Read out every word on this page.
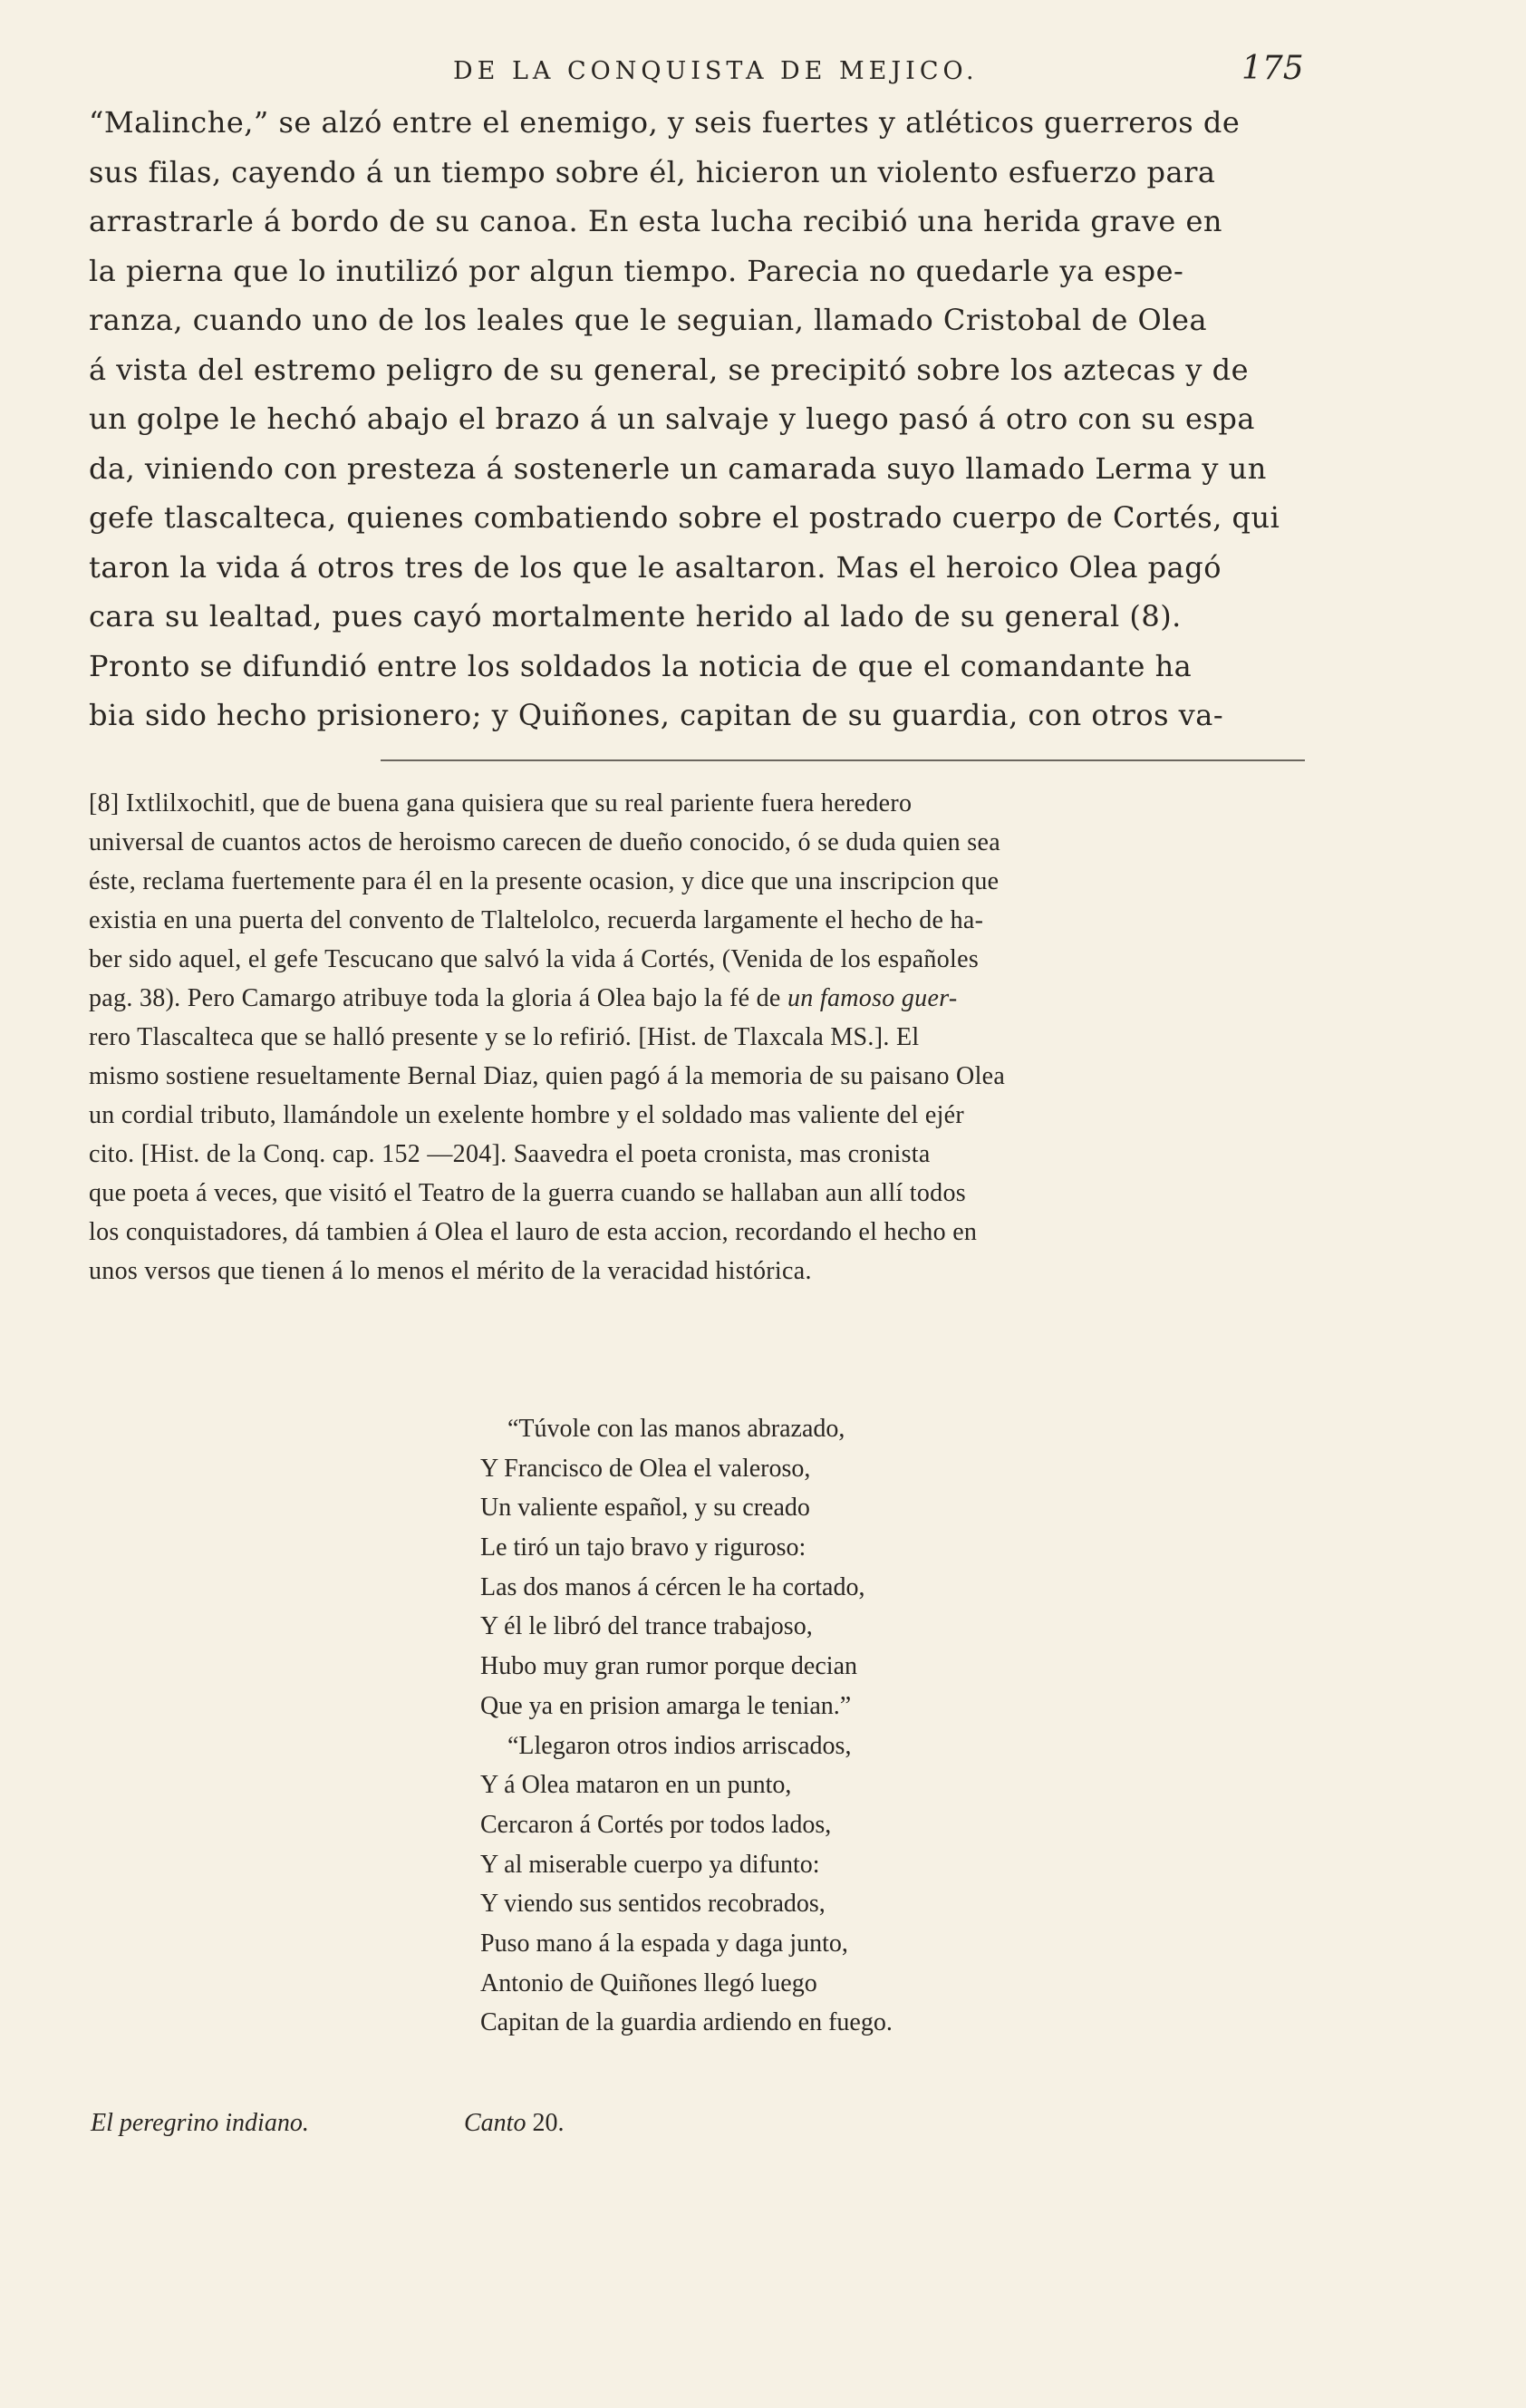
DE LA CONQUISTA DE MEJICO.	175
“Malinche,” se alzó entre el enemigo, y seis fuertes y atléticos guerreros de
sus filas, cayendo á un tiempo sobre él, hicieron un violento esfuerzo para
arrastrarle á bordo de su canoa. En esta lucha recibió una herida grave en
la pierna que lo inutilizó por algun tiempo. Parecia no quedarle ya espe-
ranza, cuando uno de los leales que le seguian, llamado Cristobal de Olea
á vista del estremo peligro de su general, se precipitó sobre los aztecas y de
un golpe le hechó abajo el brazo á un salvaje y luego pasó á otro con su espa
da, viniendo con presteza á sostenerle un camarada suyo llamado Lerma y un
gefe tlascalteca, quienes combatiendo sobre el postrado cuerpo de Cortés, qui
taron la vida á otros tres de los que le asaltaron. Mas el heroico Olea pagó
cara su lealtad, pues cayó mortalmente herido al lado de su general (8).
Pronto se difundió entre los soldados la noticia de que el comandante ha
bia sido hecho prisionero; y Quiñones, capitan de su guardia, con otros va-
[8] Ixtlilxochitl, que de buena gana quisiera que su real pariente fuera heredero
universal de cuantos actos de heroismo carecen de dueño conocido, ó se duda quien sea
éste, reclama fuertemente para él en la presente ocasion, y dice que una inscripcion que
existia en una puerta del convento de Tlaltelolco, recuerda largamente el hecho de ha-
ber sido aquel, el gefe Tescucano que salvó la vida á Cortés, (Venida de los españoles
pag. 38). Pero Camargo atribuye toda la gloria á Olea bajo la fé de un famoso guer-
rero Tlascalteca que se halló presente y se lo refirió. [Hist. de Tlaxcala MS.]. El
mismo sostiene resueltamente Bernal Diaz, quien pagó á la memoria de su paisano Olea
un cordial tributo, llamándole un exelente hombre y el soldado mas valiente del ejér
cito. [Hist. de la Conq. cap. 152 —204]. Saavedra el poeta cronista, mas cronista
que poeta á veces, que visitó el Teatro de la guerra cuando se hallaban aun allí todos
los conquistadores, dá tambien á Olea el lauro de esta accion, recordando el hecho en
unos versos que tienen á lo menos el mérito de la veracidad histórica.
“Túvole con las manos abrazado,
Y Francisco de Olea el valeroso,
Un valiente español, y su creado
Le tiró un tajo bravo y riguroso:
Las dos manos á cércen le ha cortado,
Y él le libró del trance trabajoso,
Hubo muy gran rumor porque decian
Que ya en prision amarga le tenian.”
“Llegaron otros indios arriscados,
Y á Olea mataron en un punto,
Cercaron á Cortés por todos lados,
Y al miserable cuerpo ya difunto:
Y viendo sus sentidos recobrados,
Puso mano á la espada y daga junto,
Antonio de Quiñones llegó luego
Capitan de la guardia ardiendo en fuego.
El peregrino indiano.	Canto 20.
